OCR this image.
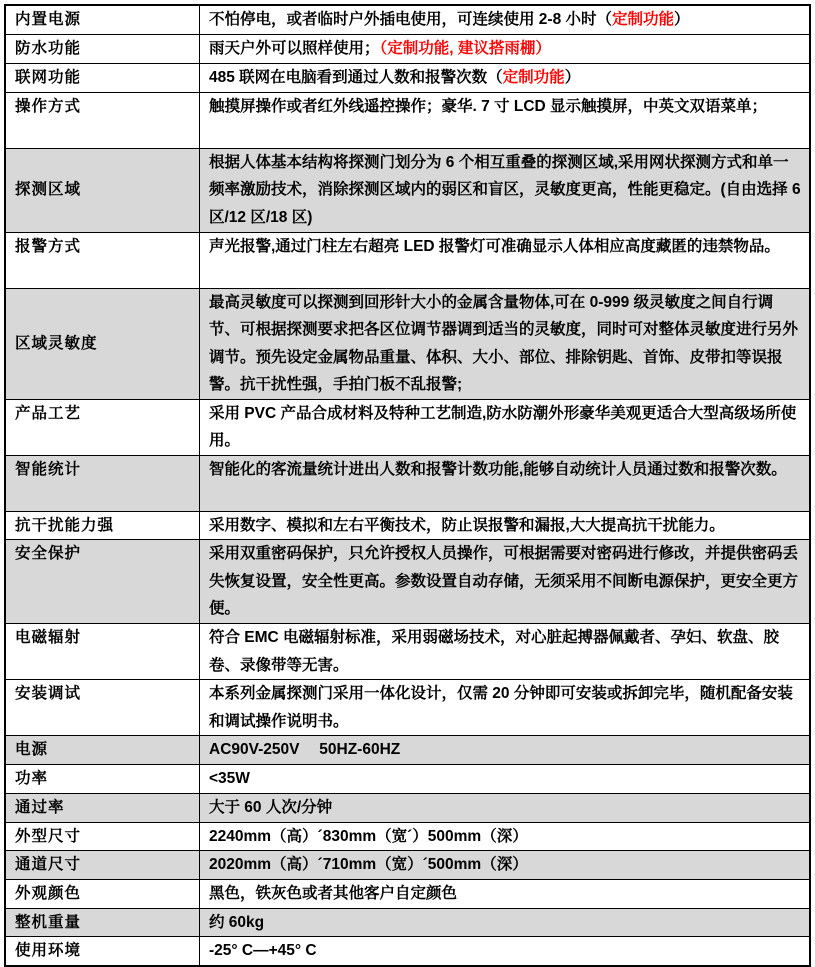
内置电源	不怕停电，或者临时户外插电使用，可连续使用 2-8 小时（定制功能）
防水功能	雨天户外可以照样使用；（定制功能, 建议搭雨棚）
联网功能	485 联网在电脑看到通过人数和报警次数（定制功能）
操作方式	触摸屏操作或者红外线遥控操作；豪华. 7 寸 LCD 显示触摸屏，中英文双语菜单；
探测区域	根据人体基本结构将探测门划分为 6 个相互重叠的探测区域,采用网状探测方式和单一频率激励技术，消除探测区域内的弱区和盲区，灵敏度更高，性能更稳定。(自由选择 6 区/12 区/18 区)
报警方式	声光报警,通过门柱左右超亮 LED 报警灯可准确显示人体相应高度藏匿的违禁物品。
区域灵敏度	最高灵敏度可以探测到回形针大小的金属含量物体,可在 0-999 级灵敏度之间自行调节、可根据探测要求把各区位调节器调到适当的灵敏度，同时可对整体灵敏度进行另外调节。预先设定金属物品重量、体积、大小、部位、排除钥匙、首饰、皮带扣等误报警。抗干扰性强，手拍门板不乱报警;
产品工艺	采用 PVC 产品合成材料及特种工艺制造,防水防潮外形豪华美观更适合大型高级场所使用。
智能统计	智能化的客流量统计进出人数和报警计数功能,能够自动统计人员通过数和报警次数。
抗干扰能力强	采用数字、模拟和左右平衡技术，防止误报警和漏报,大大提高抗干扰能力。
安全保护	采用双重密码保护，只允许授权人员操作，可根据需要对密码进行修改，并提供密码丢失恢复设置，安全性更高。参数设置自动存储，无须采用不间断电源保护，更安全更方便。
电磁辐射	符合 EMC 电磁辐射标准，采用弱磁场技术，对心脏起搏器佩戴者、孕妇、软盘、胶卷、录像带等无害。
安装调试	本系列金属探测门采用一体化设计，仅需 20 分钟即可安装或拆卸完毕，随机配备安装和调试操作说明书。
电源	AC90V-250V　 50HZ-60HZ
功率	<35W
通过率	大于 60 人次/分钟
外型尺寸	2240mm（高）´830mm（宽´）500mm（深）
通道尺寸	2020mm（高）´710mm（宽）´500mm（深）
外观颜色	黑色，铁灰色或者其他客户自定颜色
整机重量	约 60kg
使用环境	-25° C—+45° C
